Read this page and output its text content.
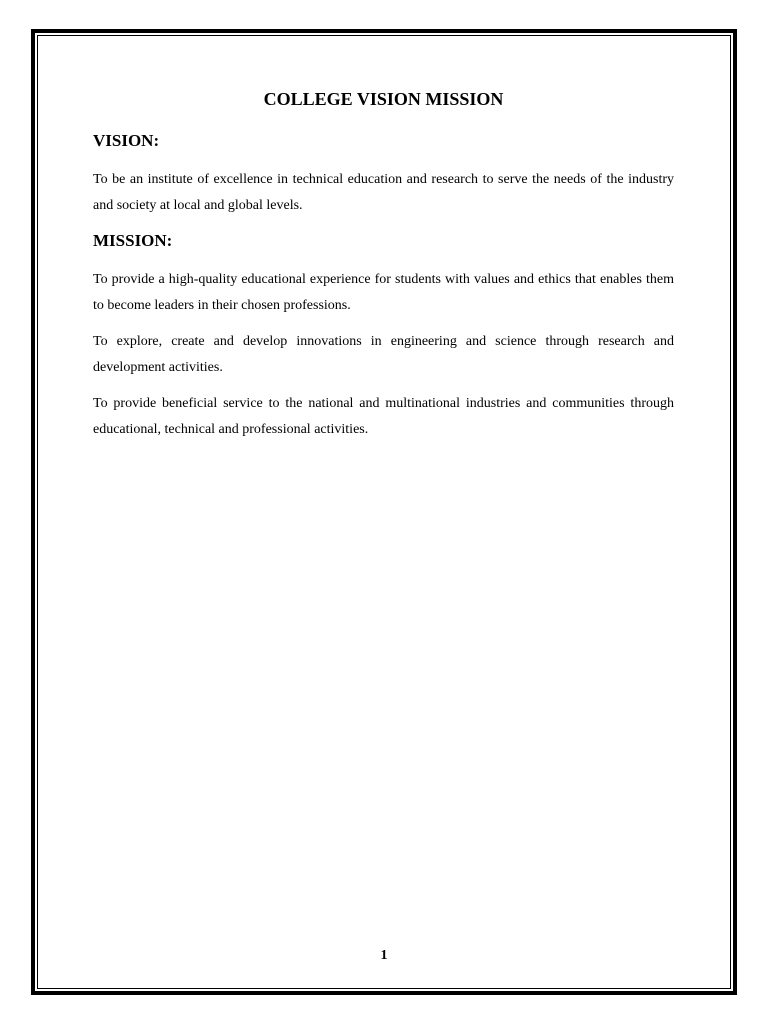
COLLEGE VISION MISSION
VISION:

To be an institute of excellence in technical education and research to serve the needs of the industry and society at local and global levels.

MISSION:

To provide a high-quality educational experience for students with values and ethics that enables them to become leaders in their chosen professions.

To explore, create and develop innovations in engineering and science through research and development activities.

To provide beneficial service to the national and multinational industries and communities through educational, technical and professional activities.

1
